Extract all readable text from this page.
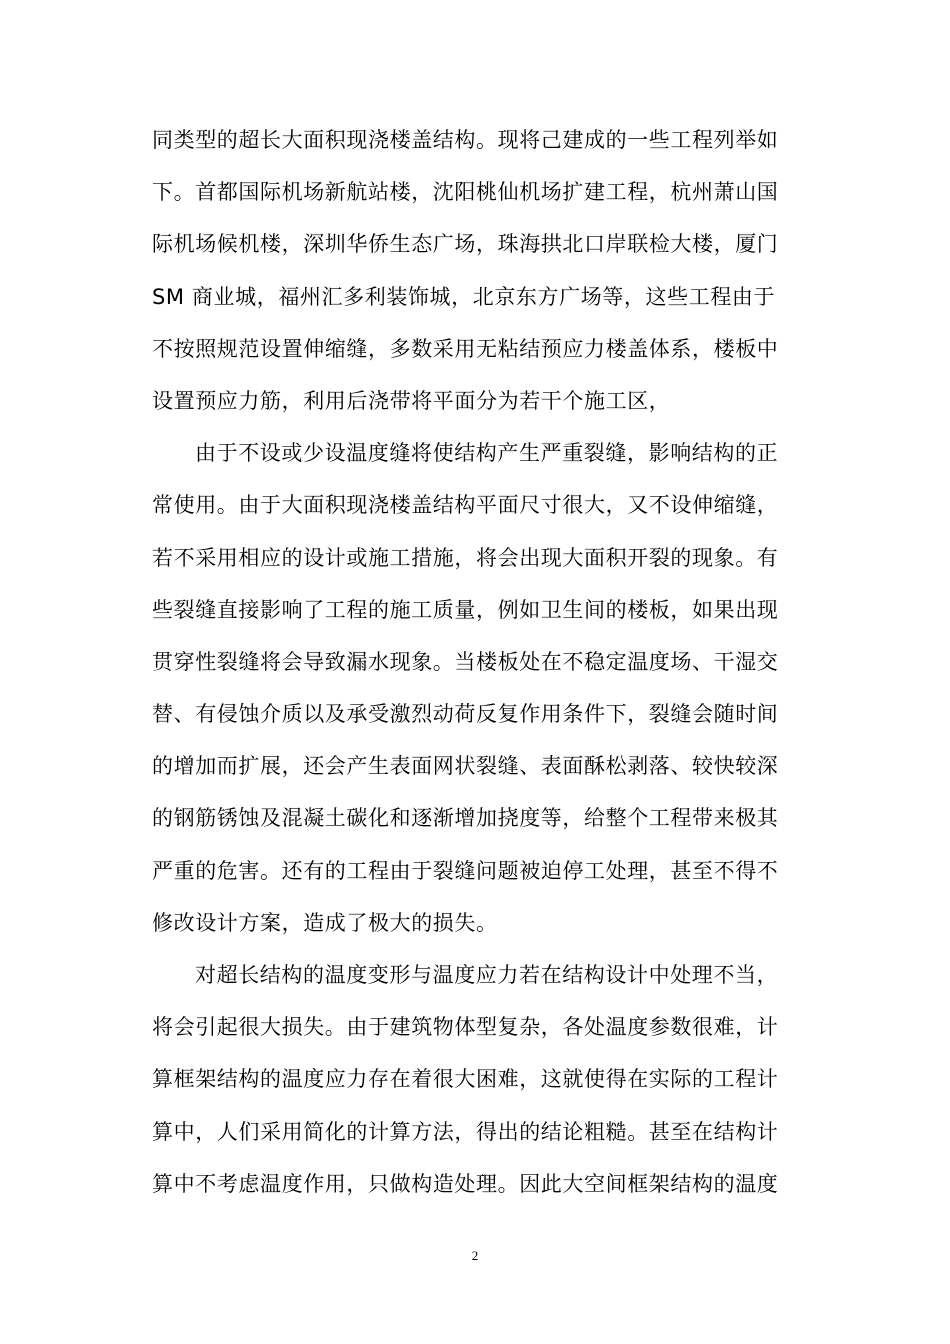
同类型的超长大面积现浇楼盖结构。现将己建成的一些工程列举如
下。首都国际机场新航站楼，沈阳桃仙机场扩建工程，杭州萧山国
际机场候机楼，深圳华侨生态广场，珠海拱北口岸联检大楼，厦门
SM 商业城，福州汇多利装饰城，北京东方广场等，这些工程由于
不按照规范设置伸缩缝，多数采用无粘结预应力楼盖体系，楼板中
设置预应力筋，利用后浇带将平面分为若干个施工区，
由于不设或少设温度缝将使结构产生严重裂缝，影响结构的正
常使用。由于大面积现浇楼盖结构平面尺寸很大，又不设伸缩缝，
若不采用相应的设计或施工措施，将会出现大面积开裂的现象。有
些裂缝直接影响了工程的施工质量，例如卫生间的楼板，如果出现
贯穿性裂缝将会导致漏水现象。当楼板处在不稳定温度场、干湿交
替、有侵蚀介质以及承受激烈动荷反复作用条件下，裂缝会随时间
的增加而扩展，还会产生表面网状裂缝、表面酥松剥落、较快较深
的钢筋锈蚀及混凝土碳化和逐渐增加挠度等，给整个工程带来极其
严重的危害。还有的工程由于裂缝问题被迫停工处理，甚至不得不
修改设计方案，造成了极大的损失。
对超长结构的温度变形与温度应力若在结构设计中处理不当，
将会引起很大损失。由于建筑物体型复杂，各处温度参数很难，计
算框架结构的温度应力存在着很大困难，这就使得在实际的工程计
算中，人们采用简化的计算方法，得出的结论粗糙。甚至在结构计
算中不考虑温度作用，只做构造处理。因此大空间框架结构的温度
2
